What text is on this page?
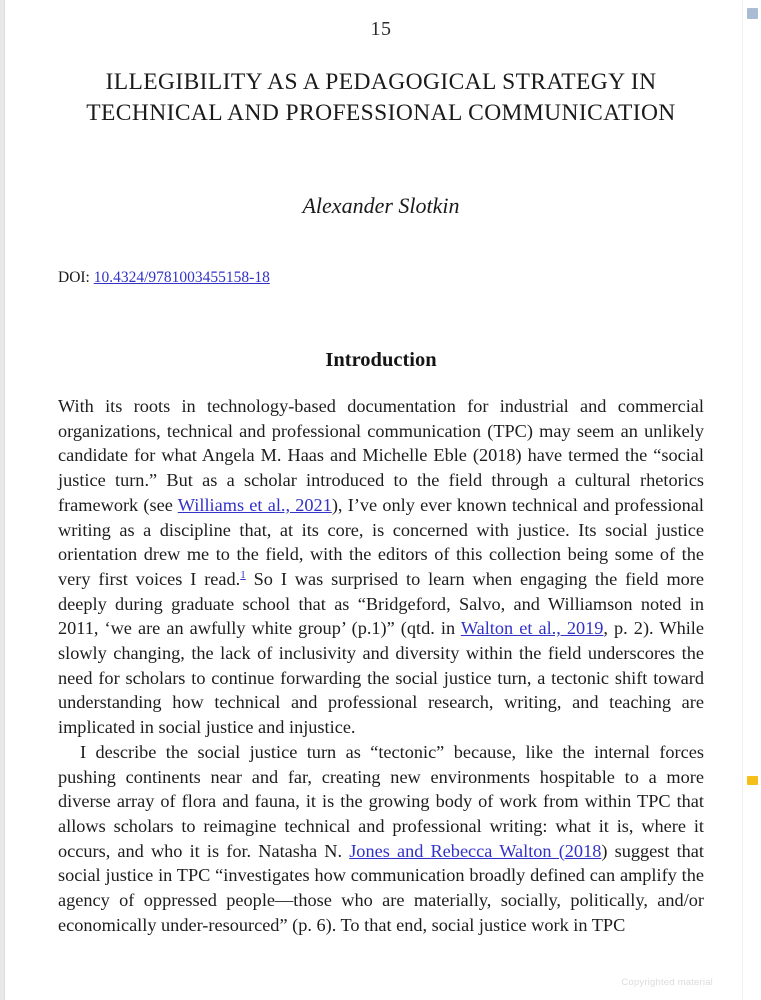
15
ILLEGIBILITY AS A PEDAGOGICAL STRATEGY IN TECHNICAL AND PROFESSIONAL COMMUNICATION
Alexander Slotkin
DOI: 10.4324/9781003455158-18
Introduction

With its roots in technology-based documentation for industrial and commercial organizations, technical and professional communication (TPC) may seem an unlikely candidate for what Angela M. Haas and Michelle Eble (2018) have termed the “social justice turn.” But as a scholar introduced to the field through a cultural rhetorics framework (see Williams et al., 2021), I’ve only ever known technical and professional writing as a discipline that, at its core, is concerned with justice. Its social justice orientation drew me to the field, with the editors of this collection being some of the very first voices I read.$^1$ So I was surprised to learn when engaging the field more deeply during graduate school that as “Bridgeford, Salvo, and Williamson noted in 2011, ‘we are an awfully white group’ (p.1)” (qtd. in Walton et al., 2019, p. 2). While slowly changing, the lack of inclusivity and diversity within the field underscores the need for scholars to continue forwarding the social justice turn, a tectonic shift toward understanding how technical and professional research, writing, and teaching are implicated in social justice and injustice.

I describe the social justice turn as “tectonic” because, like the internal forces pushing continents near and far, creating new environments hospitable to a more diverse array of flora and fauna, it is the growing body of work from within TPC that allows scholars to reimagine technical and professional writing: what it is, where it occurs, and who it is for. Natasha N. Jones and Rebecca Walton (2018) suggest that social justice in TPC “investigates how communication broadly defined can amplify the agency of oppressed people—those who are materially, socially, politically, and/or economically under-resourced” (p. 6). To that end, social justice work in TPC

Copyrighted material
